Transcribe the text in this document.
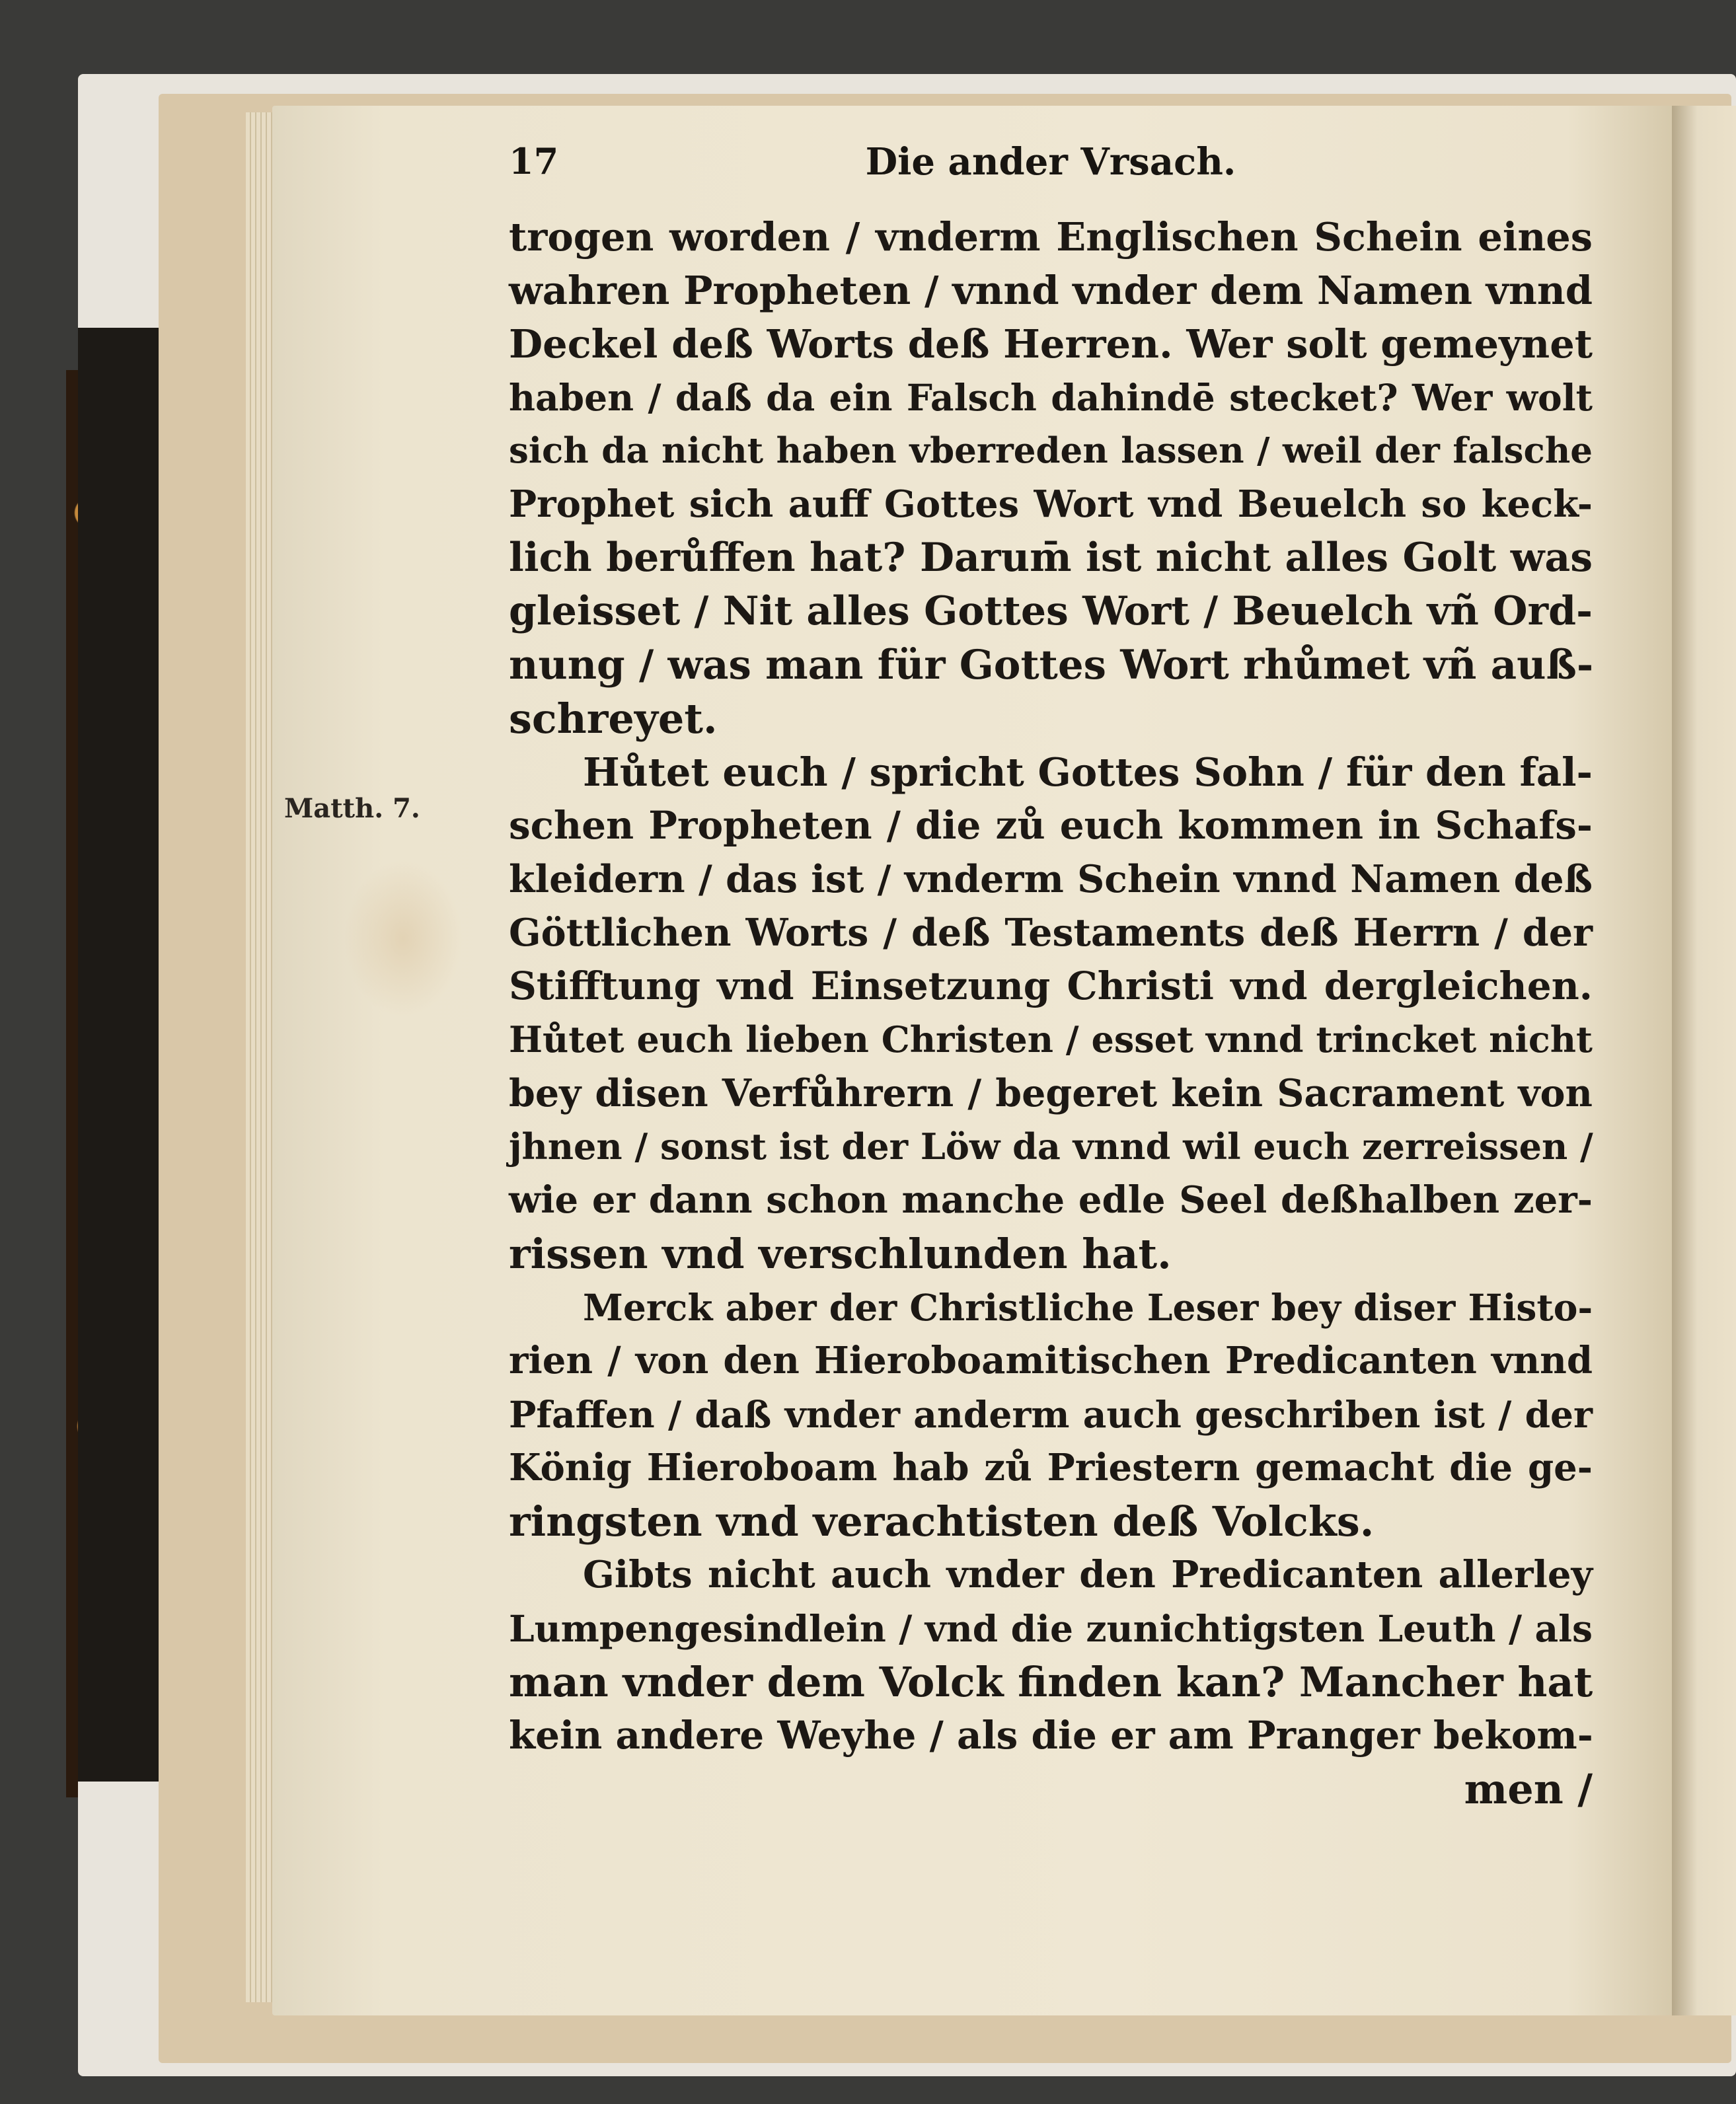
17	Die ander Vrsach.
Matth. 7.
trogen worden / vnderm Englischen Schein eines
wahren Propheten / vnnd vnder dem Namen vnnd
Deckel deß Worts deß Herren. Wer solt gemeynet
haben / daß da ein Falsch dahindē stecket? Wer wolt
sich da nicht haben vberreden lassen / weil der falsche
Prophet sich auff Gottes Wort vnd Beuelch so keck-
lich berůffen hat? Darum̄ ist nicht alles Golt was
gleisset / Nit alles Gottes Wort / Beuelch vñ Ord-
nung / was man für Gottes Wort rhůmet vñ auß-
schreyet.
Hůtet euch / spricht Gottes Sohn / für den fal-
schen Propheten / die zů euch kommen in Schafs-
kleidern / das ist / vnderm Schein vnnd Namen deß
Göttlichen Worts / deß Testaments deß Herrn / der
Stifftung vnd Einsetzung Christi vnd dergleichen.
Hůtet euch lieben Christen / esset vnnd trincket nicht
bey disen Verfůhrern / begeret kein Sacrament von
jhnen / sonst ist der Löw da vnnd wil euch zerreissen /
wie er dann schon manche edle Seel deßhalben zer-
rissen vnd verschlunden hat.
Merck aber der Christliche Leser bey diser Histo-
rien / von den Hieroboamitischen Predicanten vnnd
Pfaffen / daß vnder anderm auch geschriben ist / der
König Hieroboam hab zů Priestern gemacht die ge-
ringsten vnd verachtisten deß Volcks.
Gibts nicht auch vnder den Predicanten allerley
Lumpengesindlein / vnd die zunichtigsten Leuth / als
man vnder dem Volck finden kan? Mancher hat
kein andere Weyhe / als die er am Pranger bekom-
men /
